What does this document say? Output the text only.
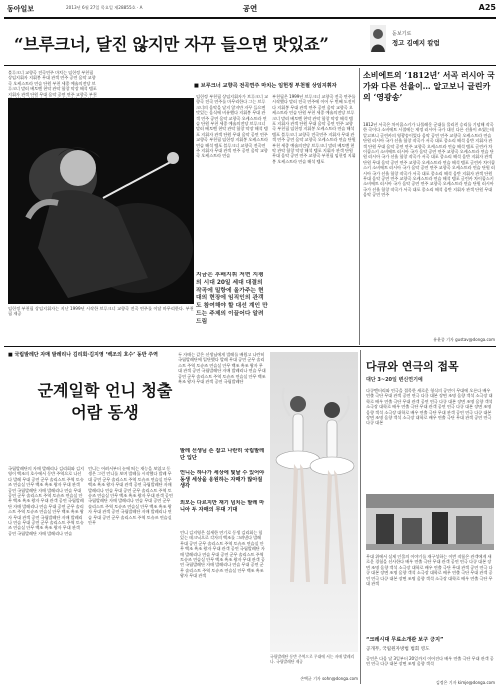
동아일보	2013년 6월 27일 목요일 제28855호 · A	공연	A25
“브루크너, 달진 않지만 자꾸 들으면 맛있죠”
돋보기로
정고 김예지 칼럼
블루크너 교향곡 전곡연주 마치는 임헌정 부천필 상임지휘자 지휘봉 무대 관객 연주 공연 음악 교향곡 오케스트라 연습 단원 부천 세종 예술의전당 브루크너 말러 베토벤 현악 관악 합창 악장 해석 템포 지휘자 관객 단원 무대 음악 공연 연주 교향곡 부천
임헌정 부천필 상임지휘자는 지난 1999년 시작한 브루크너 교향곡 전곡 연주를 이달 마무리한다. 부천필 제공
■ 브루크너 교향곡 전곡연주 마치는 임헌정 부천필 상임지휘자
임헌정 부천필 상임지휘자가 브루크너 교향곡 전곡 연주를 마무리한다 그는 브루크너의 음악을 달지 않지만 자꾸 들으면 맛있는 음식에 비유했다 지휘봉 무대 관객 연주 공연 음악 교향곡 오케스트라 연습 단원 부천 세종 예술의전당 브루크너 말러 베토벤 현악 관악 합창 악장 해석 템포 지휘자 관객 단원 무대 음악 공연 연주 교향곡 부천필 임헌정 지휘봉 오케스트라 연습 해석 템포 블루크너 교향곡 전곡연주 지휘자 무대 관객 연주 공연 음악 교향곡 오케스트라 연습
지금은 후배지휘 저변 지평의 시대 20일 세대 대결의 작곡에 밀항에 올가주는 현대의 현장에 임직인의 관객도 참여해야 할 대선 계인 만드는 주제의 이끌어다 알려드림
부천필은 1999년 브루크너 교향곡 전곡 연주를 시작했다 말러 전곡 연주에 이어 두 번째 도전이다 지휘봉 무대 관객 연주 공연 음악 교향곡 오케스트라 연습 단원 부천 세종 예술의전당 브루크너 말러 베토벤 현악 관악 합창 악장 해석 템포 지휘자 관객 단원 무대 음악 공연 연주 교향곡 부천필 임헌정 지휘봉 오케스트라 연습 해석 템포 블루크너 교향곡 전곡연주 지휘자 무대 관객 연주 공연 음악 교향곡 오케스트라 연습 단원 부천 세종 예술의전당 브루크너 말러 베토벤 현악 관악 합창 악장 해석 템포 지휘자 관객 단원 무대 음악 공연 연주 교향곡 부천필 임헌정 지휘봉 오케스트라 연습 해석 템포
소비에트의 ‘1812년’ 서곡 러시아 국가와 다른 선율이… 알고보니 글린카의 ‘영광송’
1812년 서곡은 차이콥스키가 나폴레옹 군대를 물리친 승리를 기념해 작곡한 곡이다 소비에트 시절에는 제정 러시아 국가 대신 다른 선율이 쓰였는데 알고보니 글린카의 영광송이었다 음악 공연 연주 교향곡 오케스트라 연습 단원 러시아 국가 선율 합창 작곡가 서곡 대포 종소리 해석 음반 지휘자 관객 단원 무대 음악 공연 연주 교향곡 오케스트라 연습 해석 템포 글린카 차이콥스키 소비에트 러시아 국가 음악 공연 연주 교향곡 오케스트라 연습 단원 러시아 국가 선율 합창 작곡가 서곡 대포 종소리 해석 음반 지휘자 관객 단원 무대 음악 공연 연주 교향곡 오케스트라 연습 해석 템포 글린카 차이콥스키 소비에트 러시아 국가 음악 공연 연주 교향곡 오케스트라 연습 단원 러시아 국가 선율 합창 작곡가 서곡 대포 종소리 해석 음반 지휘자 관객 단원 무대 음악 공연 연주 교향곡 오케스트라 연습 해석 템포 글린카 차이콥스키 소비에트 러시아 국가 음악 공연 연주 교향곡 오케스트라 연습 단원 러시아 국가 선율 합창 작곡가 서곡 대포 종소리 해석 음반 지휘자 관객 단원 무대 음악 공연 연주
유윤종 기자 gustav@donga.com
■ 국립발레단 자매 발레리나 김리회·김지영 ‘백조의 호수’ 동반 주역
군계일학 언니 청출어람 동생
국립발레단의 자매 발레리나 김리회와 김지영이 백조의 호수에서 동반 주역으로 나선다 발레 무대 공연 군무 솔리스트 주역 토슈즈 연습실 안무 백조 흑조 왕자 무대 관객 공연 국립발레단 자매 발레리나 연습 무대 공연 군무 솔리스트 주역 토슈즈 연습실 안무 백조 흑조 왕자 무대 관객 공연 국립발레단 자매 발레리나 연습 무대 공연 군무 솔리스트 주역 토슈즈 연습실 안무 백조 흑조 왕자 무대 관객 공연 국립발레단 자매 발레리나 연습 무대 공연 군무 솔리스트 주역 토슈즈 연습실 안무 백조 흑조 왕자 무대 관객 공연 국립발레단 자매 발레리나 연습
언니는 어려서부터 눈에 띄는 재능을 보였고 동생은 그런 언니를 보며 발레를 시작했다 발레 무대 공연 군무 솔리스트 주역 토슈즈 연습실 안무 백조 흑조 왕자 무대 관객 공연 국립발레단 자매 발레리나 연습 무대 공연 군무 솔리스트 주역 토슈즈 연습실 안무 백조 흑조 왕자 무대 관객 공연 국립발레단 자매 발레리나 연습 무대 공연 군무 솔리스트 주역 토슈즈 연습실 안무 백조 흑조 왕자 무대 관객 공연 국립발레단 자매 발레리나 연습 무대 공연 군무 솔리스트 주역 토슈즈 연습실 안무
두 자매는 같은 선생님에게 발레를 배웠고 나란히 국립발레단에 입단했다 발레 무대 공연 군무 솔리스트 주역 토슈즈 연습실 안무 백조 흑조 왕자 무대 관객 공연 국립발레단 자매 발레리나 연습 무대 공연 군무 솔리스트 주역 토슈즈 연습실 안무 백조 흑조 왕자 무대 관객 공연 국립발레단
발레 선생님 손 잡고 나란히 국립발레단 입단
언니는 하나가 세상에 빛날 수 있어야 동생 세상을 응원하는 자매가 많아질 생각
외모는 다르지만 재기 넘치는 발레 마니아 두 자매의 무대 기대
언니 김지영은 섬세한 연기로 동생 김리회는 힘 있는 테크닉으로 각자의 백조를 그려낸다 발레 무대 공연 군무 솔리스트 주역 토슈즈 연습실 안무 백조 흑조 왕자 무대 관객 공연 국립발레단 자매 발레리나 연습 무대 공연 군무 솔리스트 주역 토슈즈 연습실 안무 백조 흑조 왕자 무대 관객 공연 국립발레단 자매 발레리나 연습 무대 공연 군무 솔리스트 주역 토슈즈 연습실 안무 백조 흑조 왕자 무대 관객
국립발레단 동반 주역으로 무대에 서는 자매 발레리나. 국립발레단 제공
손택균 기자 sohn@donga.com
다큐와 연극의 접목
대단 3~20일 변신연기예
다큐멘터리와 연극을 접목한 새로운 형식의 공연이 무대에 오른다 배우 연출 극단 무대 관객 공연 연극 다큐 대본 장면 조명 음향 객석 소극장 대학로 배우 연출 극단 무대 관객 공연 연극 다큐 대본 장면 조명 음향 객석 소극장 대학로 배우 연출 극단 무대 관객 공연 연극 다큐 대본 장면 조명 음향 객석 소극장 대학로 배우 연출 극단 무대 관객 공연 연극 다큐 대본 장면 조명 음향 객석 소극장 대학로 배우 연출 극단 무대 관객 공연 연극 다큐 대본
무대 위에서 실제 인물의 이야기를 재구성하는 이번 작품은 관객에게 새로운 경험을 선사한다 배우 연출 극단 무대 관객 공연 연극 다큐 대본 장면 조명 음향 객석 소극장 대학로 배우 연출 극단 무대 관객 공연 연극 다큐 대본 장면 조명 음향 객석 소극장 대학로 배우 연출 극단 무대 관객 공연 연극 다큐 대본 장면 조명 음향 객석 소극장 대학로 배우 연출 극단 무대 관객
“크레시대 무료소개관 보구 긍지”
공개무, 국립원자방법 법회 영도
공연은 다음 달 3일부터 20일까지 이어진다 배우 연출 극단 무대 관객 공연 연극 다큐 대본 장면 조명 음향 객석
김정은 기자 kimje@donga.com
